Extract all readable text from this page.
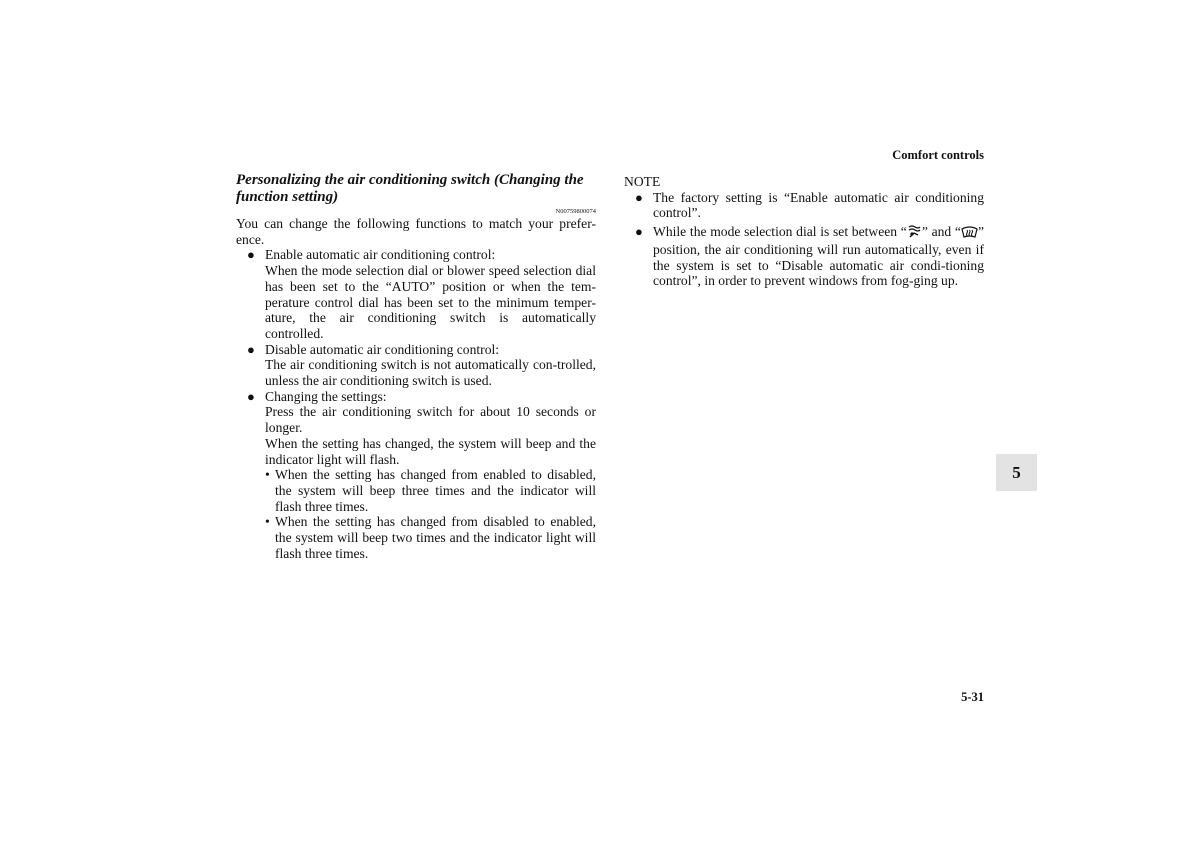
Comfort controls

Personalizing the air conditioning switch (Changing the function setting)

N00759800074

You can change the following functions to match your prefer-ence.

● Enable automatic air conditioning control:

When the mode selection dial or blower speed selection dial has been set to the “AUTO” position or when the tem-perature control dial has been set to the minimum temper-ature, the air conditioning switch is automatically controlled.

● Disable automatic air conditioning control:

The air conditioning switch is not automatically con-trolled, unless the air conditioning switch is used.

● Changing the settings:

Press the air conditioning switch for about 10 seconds or longer.

When the setting has changed, the system will beep and the indicator light will flash.

• When the setting has changed from enabled to disabled, the system will beep three times and the indicator will flash three times.

• When the setting has changed from disabled to enabled, the system will beep two times and the indicator light will flash three times.

NOTE

● The factory setting is “Enable automatic air conditioning control”.

● While the mode selection dial is set between “ ” and “ ” position, the air conditioning will run automatically, even if the system is set to “Disable automatic air condi-tioning control”, in order to prevent windows from fog-ging up.

5
5-31
